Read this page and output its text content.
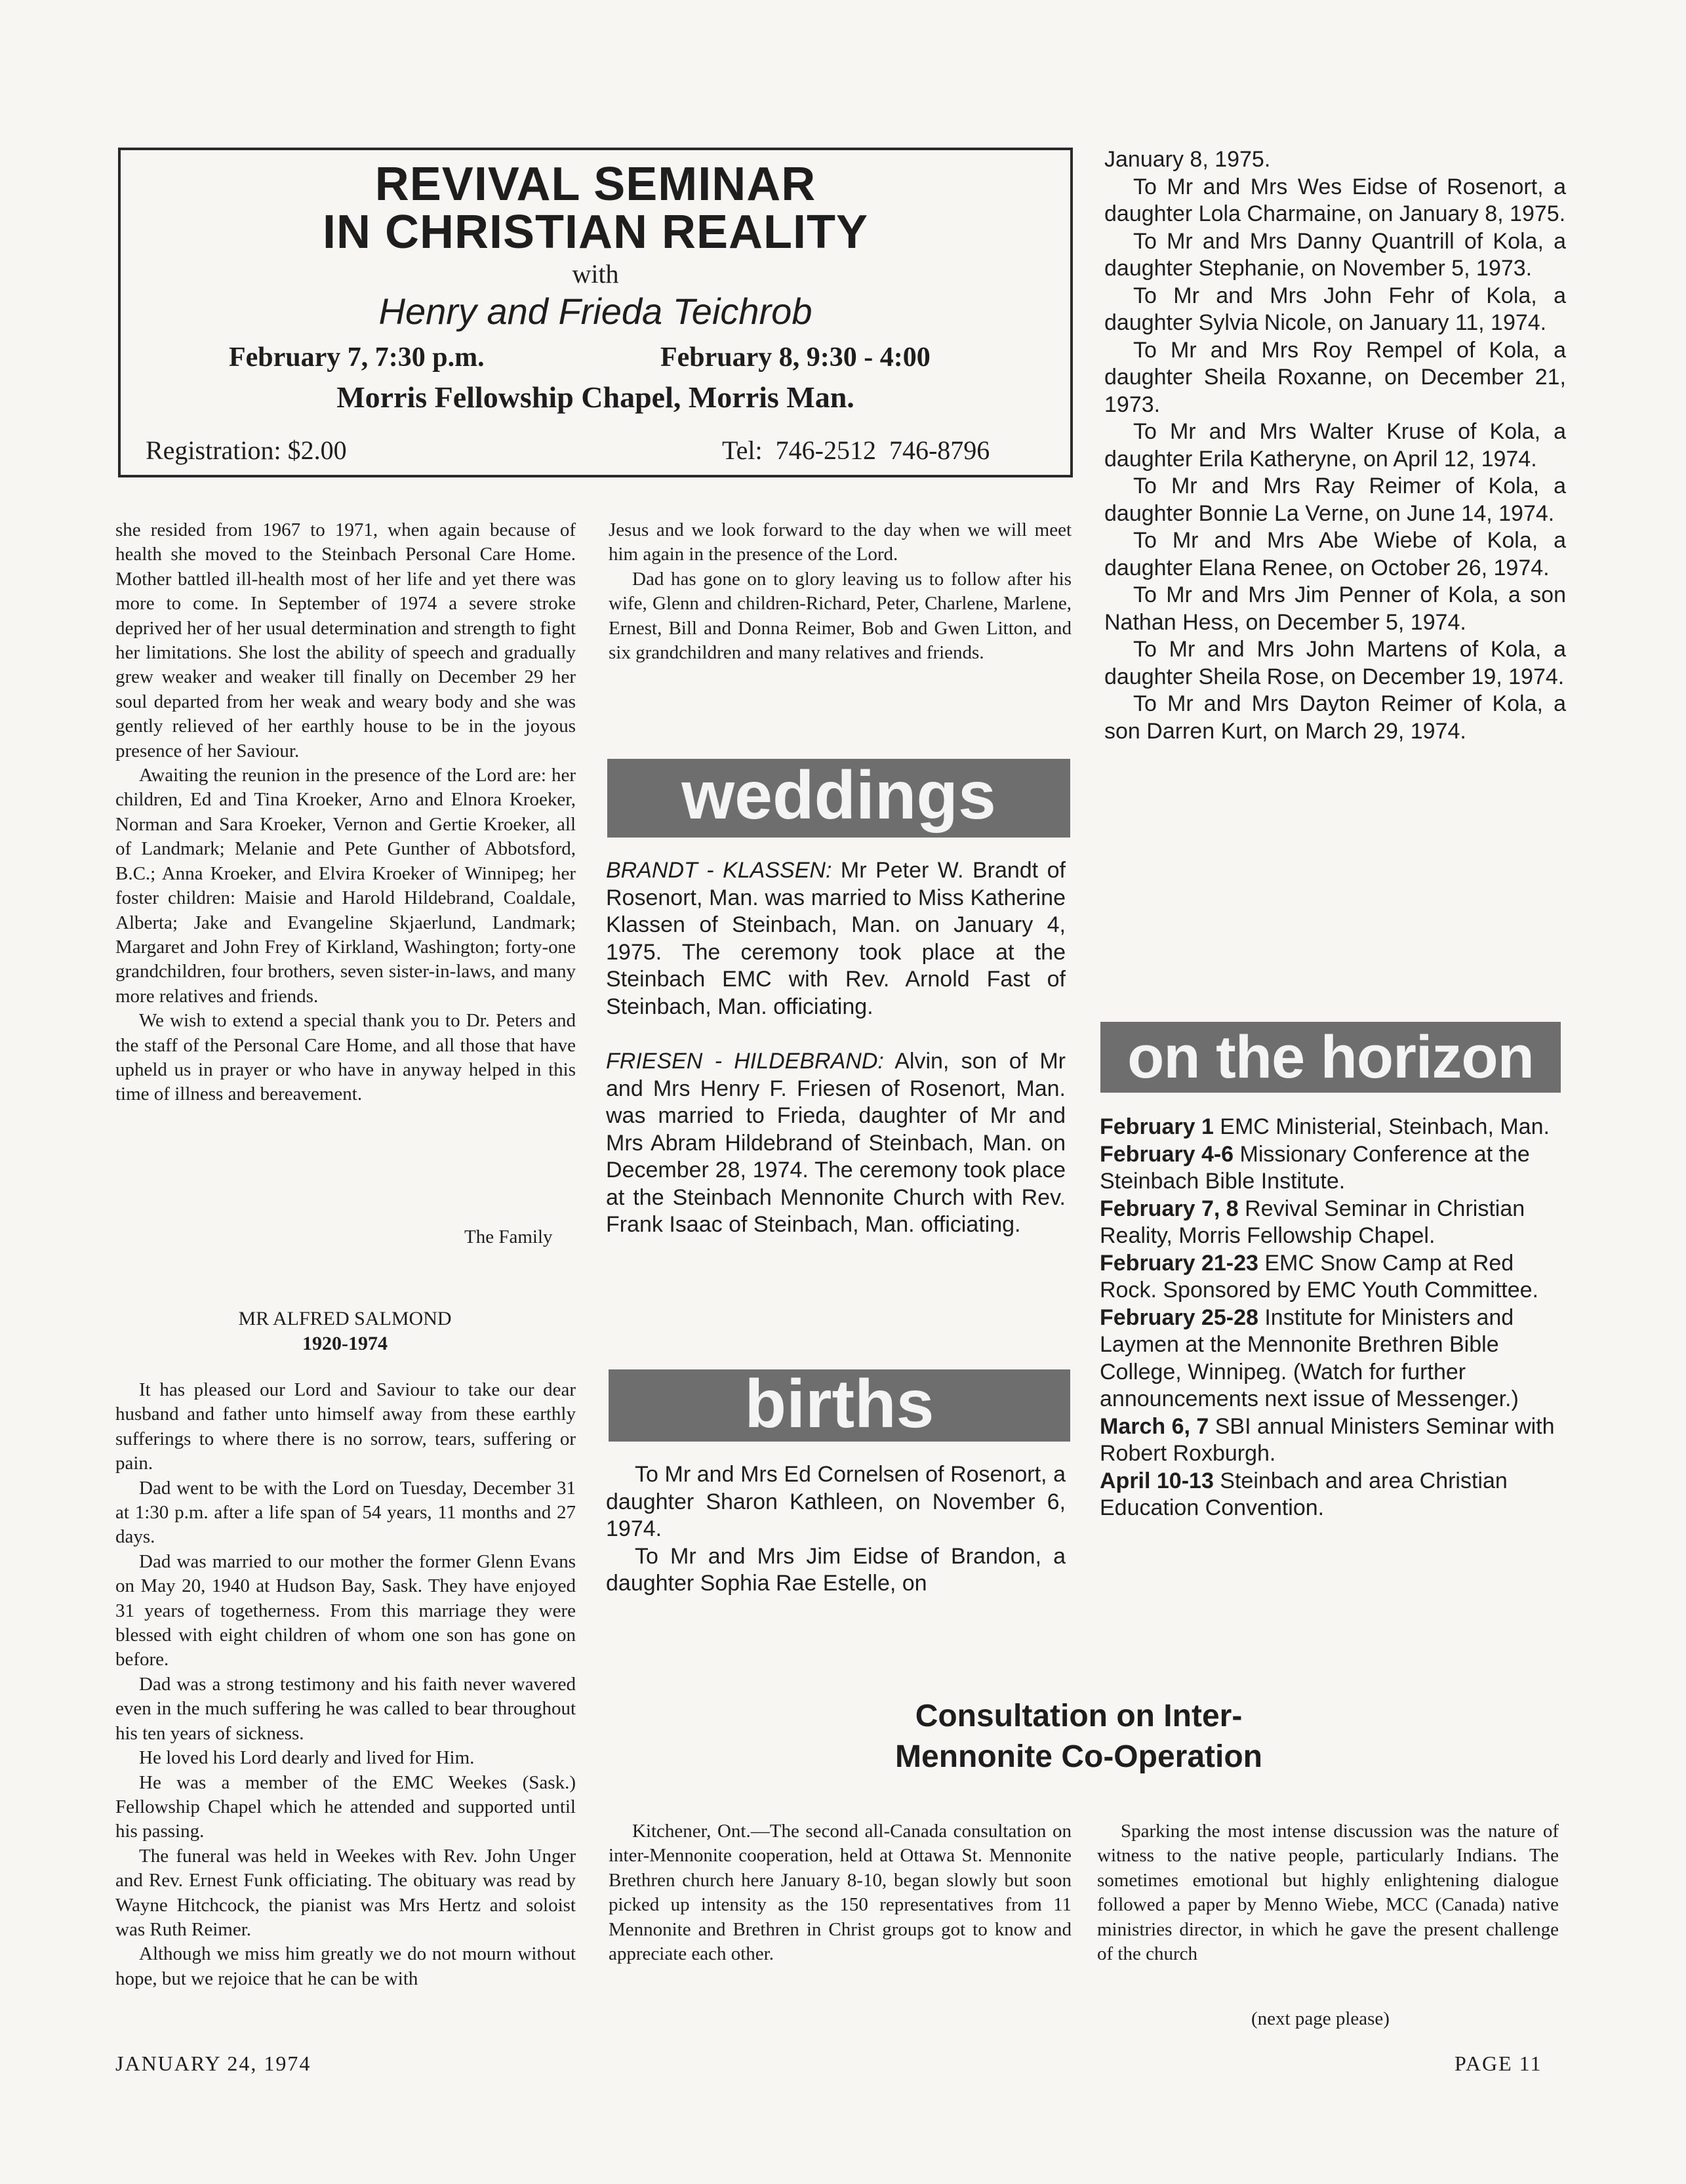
REVIVAL SEMINAR
IN CHRISTIAN REALITY
with
Henry and Frieda Teichrob
February 7, 7:30 p.m.	February 8, 9:30 - 4:00
Morris Fellowship Chapel, Morris Man.
Registration: $2.00	Tel: 746-2512 746-8796

she resided from 1967 to 1971, when again because of health she moved to the Steinbach Personal Care Home. Mother battled ill-health most of her life and yet there was more to come. In September of 1974 a severe stroke deprived her of her usual determination and strength to fight her limitations. She lost the ability of speech and gradually grew weaker and weaker till finally on December 29 her soul departed from her weak and weary body and she was gently relieved of her earthly house to be in the joyous presence of her Saviour.

Awaiting the reunion in the presence of the Lord are: her children, Ed and Tina Kroeker, Arno and Elnora Kroeker, Norman and Sara Kroeker, Vernon and Gertie Kroeker, all of Landmark; Melanie and Pete Gunther of Abbotsford, B.C.; Anna Kroeker, and Elvira Kroeker of Winnipeg; her foster children: Maisie and Harold Hildebrand, Coaldale, Alberta; Jake and Evangeline Skjaerlund, Landmark; Margaret and John Frey of Kirkland, Washington; forty-one grandchildren, four brothers, seven sister-in-laws, and many more relatives and friends.

We wish to extend a special thank you to Dr. Peters and the staff of the Personal Care Home, and all those that have upheld us in prayer or who have in anyway helped in this time of illness and bereavement.

The Family
MR ALFRED SALMOND
1920-1974

It has pleased our Lord and Saviour to take our dear husband and father unto himself away from these earthly sufferings to where there is no sorrow, tears, suffering or pain.

Dad went to be with the Lord on Tuesday, December 31 at 1:30 p.m. after a life span of 54 years, 11 months and 27 days.

Dad was married to our mother the former Glenn Evans on May 20, 1940 at Hudson Bay, Sask. They have enjoyed 31 years of togetherness. From this marriage they were blessed with eight children of whom one son has gone on before.

Dad was a strong testimony and his faith never wavered even in the much suffering he was called to bear throughout his ten years of sickness.

He loved his Lord dearly and lived for Him.

He was a member of the EMC Weekes (Sask.) Fellowship Chapel which he attended and supported until his passing.

The funeral was held in Weekes with Rev. John Unger and Rev. Ernest Funk officiating. The obituary was read by Wayne Hitchcock, the pianist was Mrs Hertz and soloist was Ruth Reimer.

Although we miss him greatly we do not mourn without hope, but we rejoice that he can be with

Jesus and we look forward to the day when we will meet him again in the presence of the Lord.

Dad has gone on to glory leaving us to follow after his wife, Glenn and children-Richard, Peter, Charlene, Marlene, Ernest, Bill and Donna Reimer, Bob and Gwen Litton, and six grandchildren and many relatives and friends.

weddings

BRANDT - KLASSEN: Mr Peter W. Brandt of Rosenort, Man. was married to Miss Katherine Klassen of Steinbach, Man. on January 4, 1975. The ceremony took place at the Steinbach EMC with Rev. Arnold Fast of Steinbach, Man. officiating.

FRIESEN - HILDEBRAND: Alvin, son of Mr and Mrs Henry F. Friesen of Rosenort, Man. was married to Frieda, daughter of Mr and Mrs Abram Hildebrand of Steinbach, Man. on December 28, 1974. The ceremony took place at the Steinbach Mennonite Church with Rev. Frank Isaac of Steinbach, Man. officiating.

births

To Mr and Mrs Ed Cornelsen of Rosenort, a daughter Sharon Kathleen, on November 6, 1974.

To Mr and Mrs Jim Eidse of Brandon, a daughter Sophia Rae Estelle, on

January 8, 1975.

To Mr and Mrs Wes Eidse of Rosenort, a daughter Lola Charmaine, on January 8, 1975.

To Mr and Mrs Danny Quantrill of Kola, a daughter Stephanie, on November 5, 1973.

To Mr and Mrs John Fehr of Kola, a daughter Sylvia Nicole, on January 11, 1974.

To Mr and Mrs Roy Rempel of Kola, a daughter Sheila Roxanne, on December 21, 1973.

To Mr and Mrs Walter Kruse of Kola, a daughter Erila Katheryne, on April 12, 1974.

To Mr and Mrs Ray Reimer of Kola, a daughter Bonnie La Verne, on June 14, 1974.

To Mr and Mrs Abe Wiebe of Kola, a daughter Elana Renee, on October 26, 1974.

To Mr and Mrs Jim Penner of Kola, a son Nathan Hess, on December 5, 1974.

To Mr and Mrs John Martens of Kola, a daughter Sheila Rose, on December 19, 1974.

To Mr and Mrs Dayton Reimer of Kola, a son Darren Kurt, on March 29, 1974.

on the horizon

February 1 EMC Ministerial, Steinbach, Man.

February 4-6 Missionary Conference at the Steinbach Bible Institute.

February 7, 8 Revival Seminar in Christian Reality, Morris Fellowship Chapel.

February 21-23 EMC Snow Camp at Red Rock. Sponsored by EMC Youth Committee.

February 25-28 Institute for Ministers and Laymen at the Mennonite Brethren Bible College, Winnipeg. (Watch for further announcements next issue of Messenger.)

March 6, 7 SBI annual Ministers Seminar with Robert Roxburgh.

April 10-13 Steinbach and area Christian Education Convention.

Consultation on Inter-
Mennonite Co-Operation

Kitchener, Ont.—The second all-Canada consultation on inter-Mennonite cooperation, held at Ottawa St. Mennonite Brethren church here January 8-10, began slowly but soon picked up intensity as the 150 representatives from 11 Mennonite and Brethren in Christ groups got to know and appreciate each other.

Sparking the most intense discussion was the nature of witness to the native people, particularly Indians. The sometimes emotional but highly enlightening dialogue followed a paper by Menno Wiebe, MCC (Canada) native ministries director, in which he gave the present challenge of the church

(next page please)
JANUARY 24, 1974	PAGE 11
